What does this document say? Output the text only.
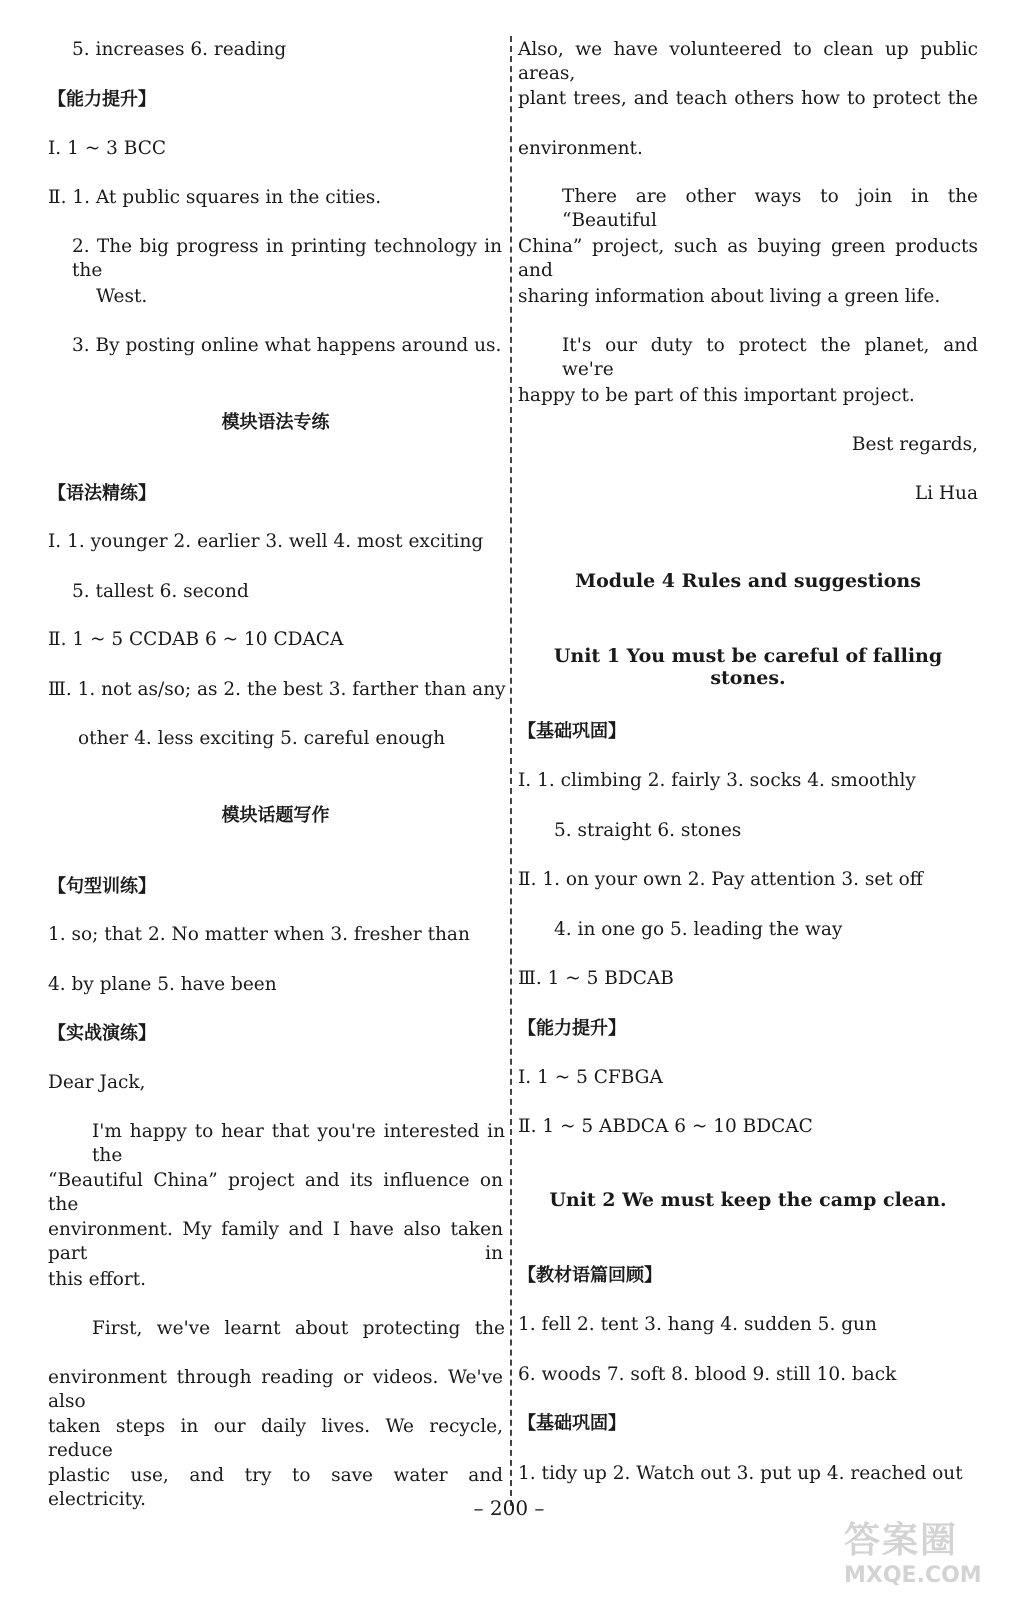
5. increases 6. reading
【能力提升】
Ⅰ. 1 ~ 3 BCC
Ⅱ. 1. At public squares in the cities.
2. The big progress in printing technology in the
West.
3. By posting online what happens around us.
模块语法专练
【语法精练】
Ⅰ. 1. younger 2. earlier 3. well 4. most exciting
5. tallest 6. second
Ⅱ. 1 ~ 5 CCDAB 6 ~ 10 CDACA
Ⅲ. 1. not as/so; as 2. the best 3. farther than any
other 4. less exciting 5. careful enough
模块话题写作
【句型训练】
1. so; that 2. No matter when 3. fresher than
4. by plane 5. have been
【实战演练】
Dear Jack,
I'm happy to hear that you're interested in the
“Beautiful China” project and its influence on the
environment. My family and I have also taken part in
this effort.
First, we've learnt about protecting the
environment through reading or videos. We've also
taken steps in our daily lives. We recycle, reduce
plastic use, and try to save water and electricity.
Also, we have volunteered to clean up public areas,
plant trees, and teach others how to protect the
environment.
There are other ways to join in the “Beautiful
China” project, such as buying green products and
sharing information about living a green life.
It's our duty to protect the planet, and we're
happy to be part of this important project.
Best regards,
Li Hua
Module 4 Rules and suggestions
Unit 1 You must be careful of falling stones.
【基础巩固】
Ⅰ. 1. climbing 2. fairly 3. socks 4. smoothly
5. straight 6. stones
Ⅱ. 1. on your own 2. Pay attention 3. set off
4. in one go 5. leading the way
Ⅲ. 1 ~ 5 BDCAB
【能力提升】
Ⅰ. 1 ~ 5 CFBGA
Ⅱ. 1 ~ 5 ABDCA 6 ~ 10 BDCAC
Unit 2 We must keep the camp clean.
【教材语篇回顾】
1. fell 2. tent 3. hang 4. sudden 5. gun
6. woods 7. soft 8. blood 9. still 10. back
【基础巩固】
1. tidy up 2. Watch out 3. put up 4. reached out
– 200 –
答案圈
MXQE.COM
